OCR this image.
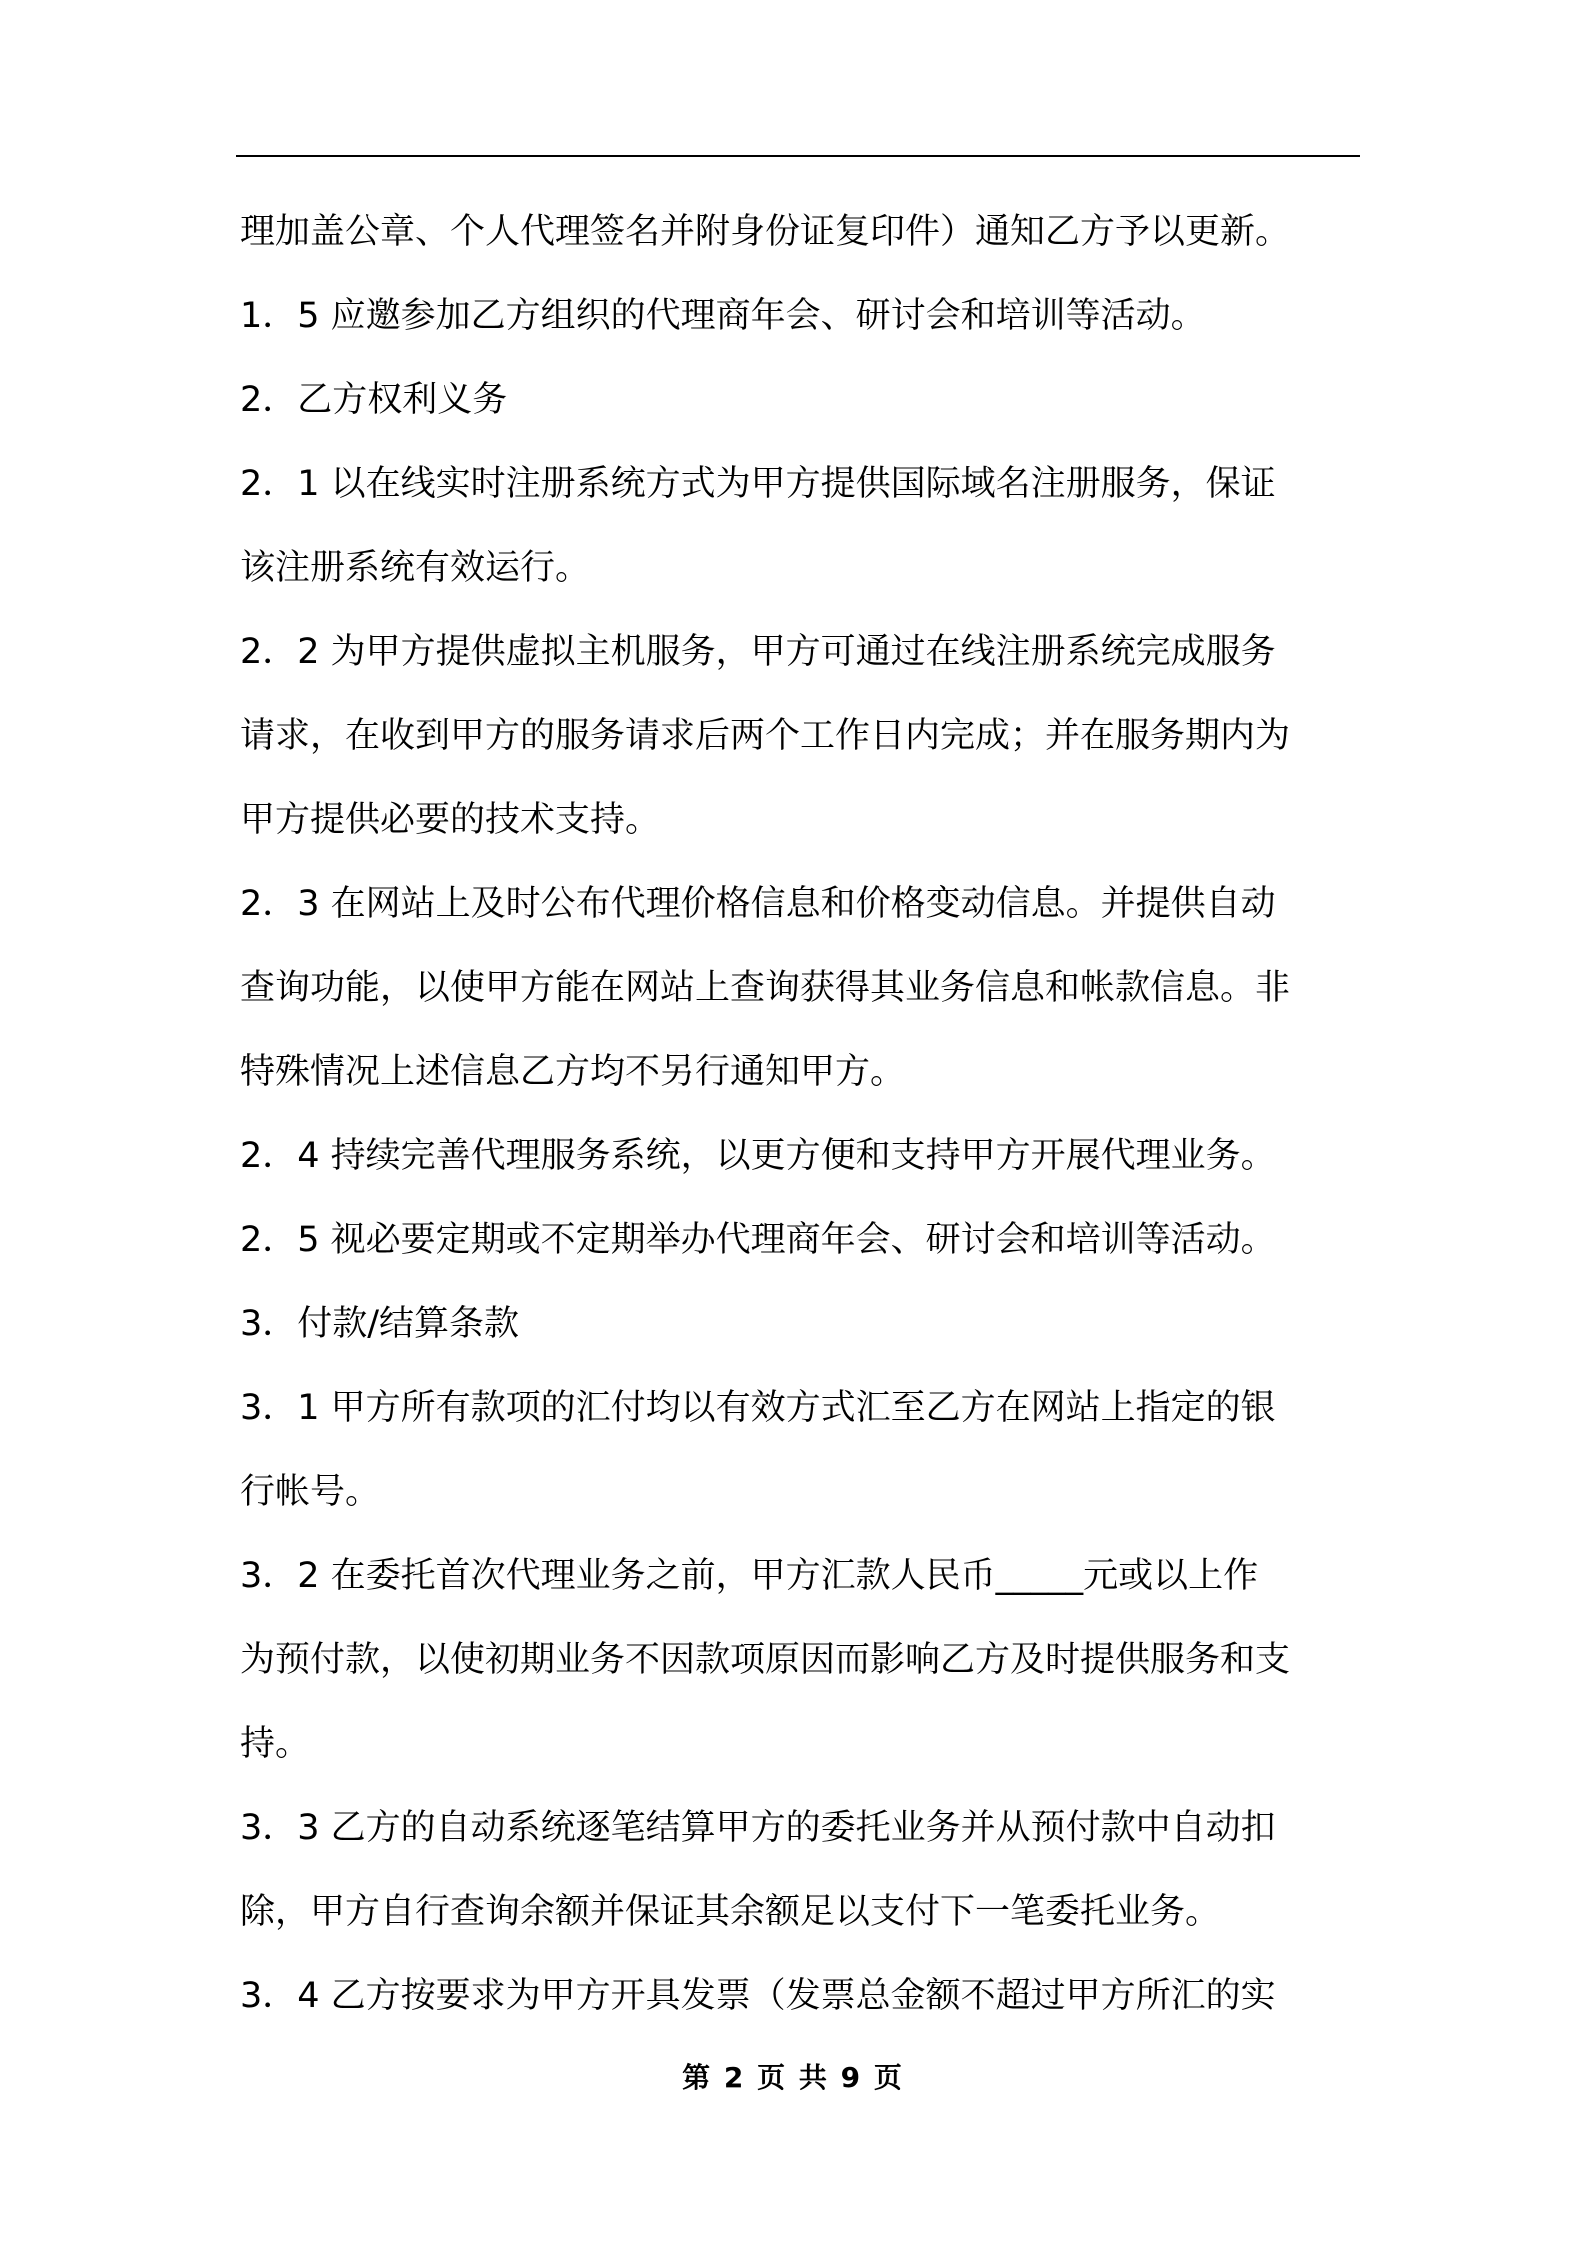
理加盖公章、个人代理签名并附身份证复印件）通知乙方予以更新。
1．5 应邀参加乙方组织的代理商年会、研讨会和培训等活动。
2．乙方权利义务
2．1 以在线实时注册系统方式为甲方提供国际域名注册服务，保证
该注册系统有效运行。
2．2 为甲方提供虚拟主机服务，甲方可通过在线注册系统完成服务
请求，在收到甲方的服务请求后两个工作日内完成；并在服务期内为
甲方提供必要的技术支持。
2．3 在网站上及时公布代理价格信息和价格变动信息。并提供自动
查询功能，以使甲方能在网站上查询获得其业务信息和帐款信息。非
特殊情况上述信息乙方均不另行通知甲方。
2．4 持续完善代理服务系统，以更方便和支持甲方开展代理业务。
2．5 视必要定期或不定期举办代理商年会、研讨会和培训等活动。
3．付款/结算条款
3．1 甲方所有款项的汇付均以有效方式汇至乙方在网站上指定的银
行帐号。
3．2 在委托首次代理业务之前，甲方汇款人民币_____元或以上作
为预付款，以使初期业务不因款项原因而影响乙方及时提供服务和支
持。
3．3 乙方的自动系统逐笔结算甲方的委托业务并从预付款中自动扣
除，甲方自行查询余额并保证其余额足以支付下一笔委托业务。
3．4 乙方按要求为甲方开具发票（发票总金额不超过甲方所汇的实
第 2 页 共 9 页
